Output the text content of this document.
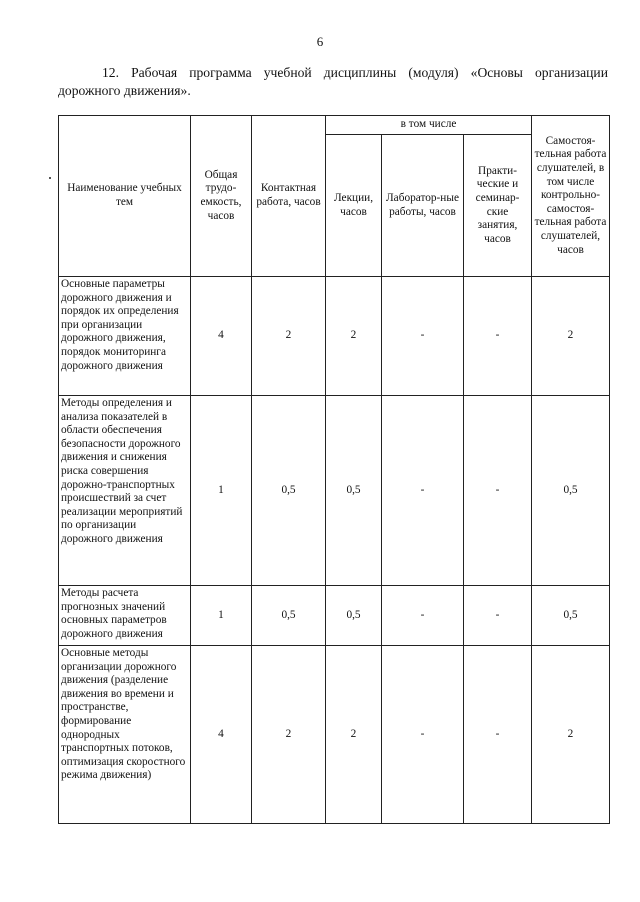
6
12. Рабочая программа учебной дисциплины (модуля) «Основы организации дорожного движения».
Наименование учебных тем	Общая трудо-емкость, часов	Контактная работа, часов	в том числе			Самостоя-тельная работа слушателей, в том числе контрольно-самостоя-тельная работа слушателей, часов
			Лекции, часов	Лаборатор-ные работы, часов	Практи-ческие и семинар-ские занятия, часов	
Основные параметры дорожного движения и порядок их определения при организации дорожного движения, порядок мониторинга дорожного движения	4	2	2	-	-	2
Методы определения и анализа показателей в области обеспечения безопасности дорожного движения и снижения риска совершения дорожно-транспортных происшествий за счет реализации мероприятий по организации дорожного движения	1	0,5	0,5	-	-	0,5
Методы расчета прогнозных значений основных параметров дорожного движения	1	0,5	0,5	-	-	0,5
Основные методы организации дорожного движения (разделение движения во времени и пространстве, формирование однородных транспортных потоков, оптимизация скоростного режима движения)	4	2	2	-	-	2
